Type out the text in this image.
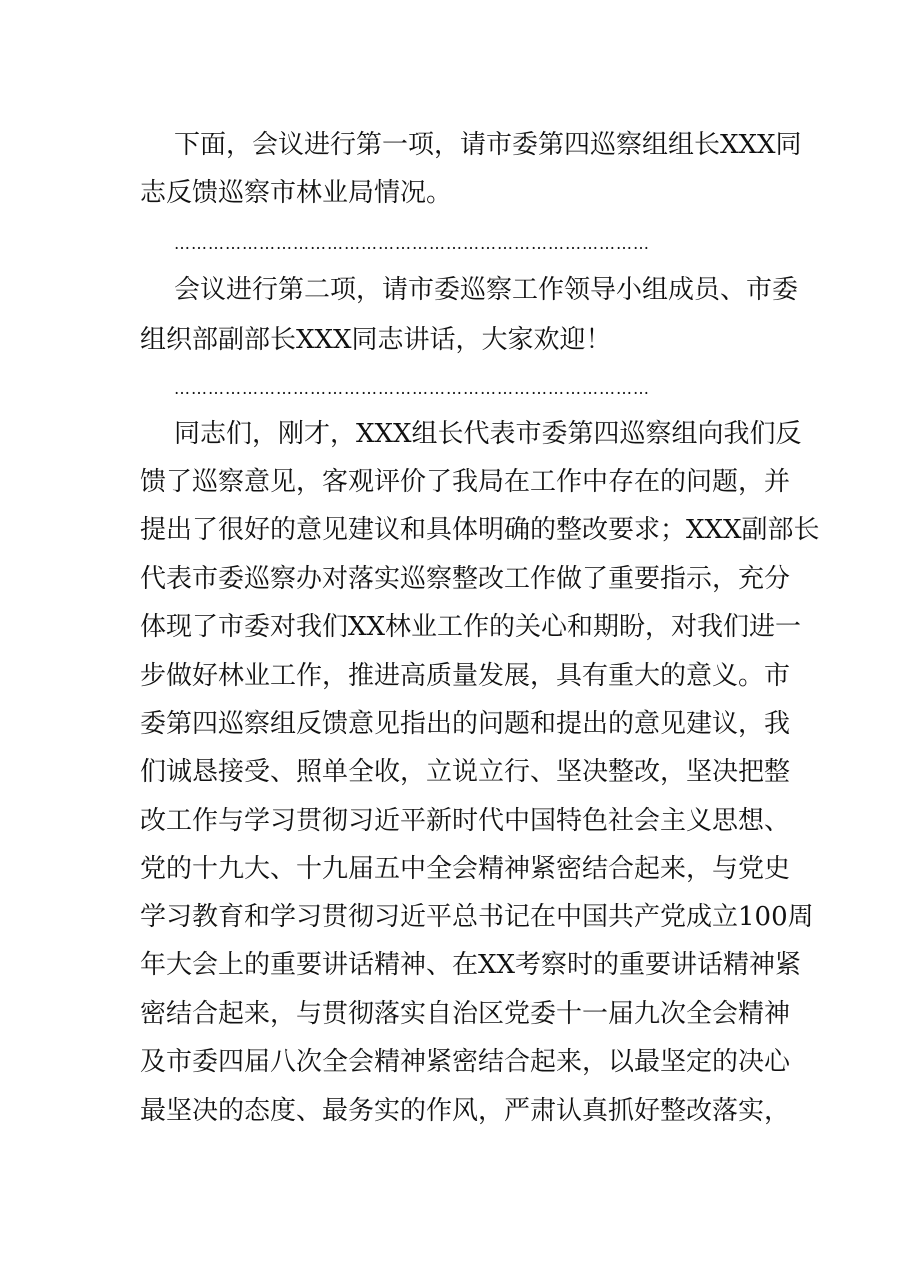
下面，会议进行第一项，请市委第四巡察组组长XXX同
志反馈巡察市林业局情况。
…………………………………………………………………………
会议进行第二项，请市委巡察工作领导小组成员、市委
组织部副部长XXX同志讲话，大家欢迎！
…………………………………………………………………………
同志们，刚才，XXX组长代表市委第四巡察组向我们反
馈了巡察意见，客观评价了我局在工作中存在的问题，并
提出了很好的意见建议和具体明确的整改要求；XXX副部长
代表市委巡察办对落实巡察整改工作做了重要指示，充分
体现了市委对我们XX林业工作的关心和期盼，对我们进一
步做好林业工作，推进高质量发展，具有重大的意义。市
委第四巡察组反馈意见指出的问题和提出的意见建议，我
们诚恳接受、照单全收，立说立行、坚决整改，坚决把整
改工作与学习贯彻习近平新时代中国特色社会主义思想、
党的十九大、十九届五中全会精神紧密结合起来，与党史
学习教育和学习贯彻习近平总书记在中国共产党成立100周
年大会上的重要讲话精神、在XX考察时的重要讲话精神紧
密结合起来，与贯彻落实自治区党委十一届九次全会精神
及市委四届八次全会精神紧密结合起来，以最坚定的决心
最坚决的态度、最务实的作风，严肃认真抓好整改落实，
